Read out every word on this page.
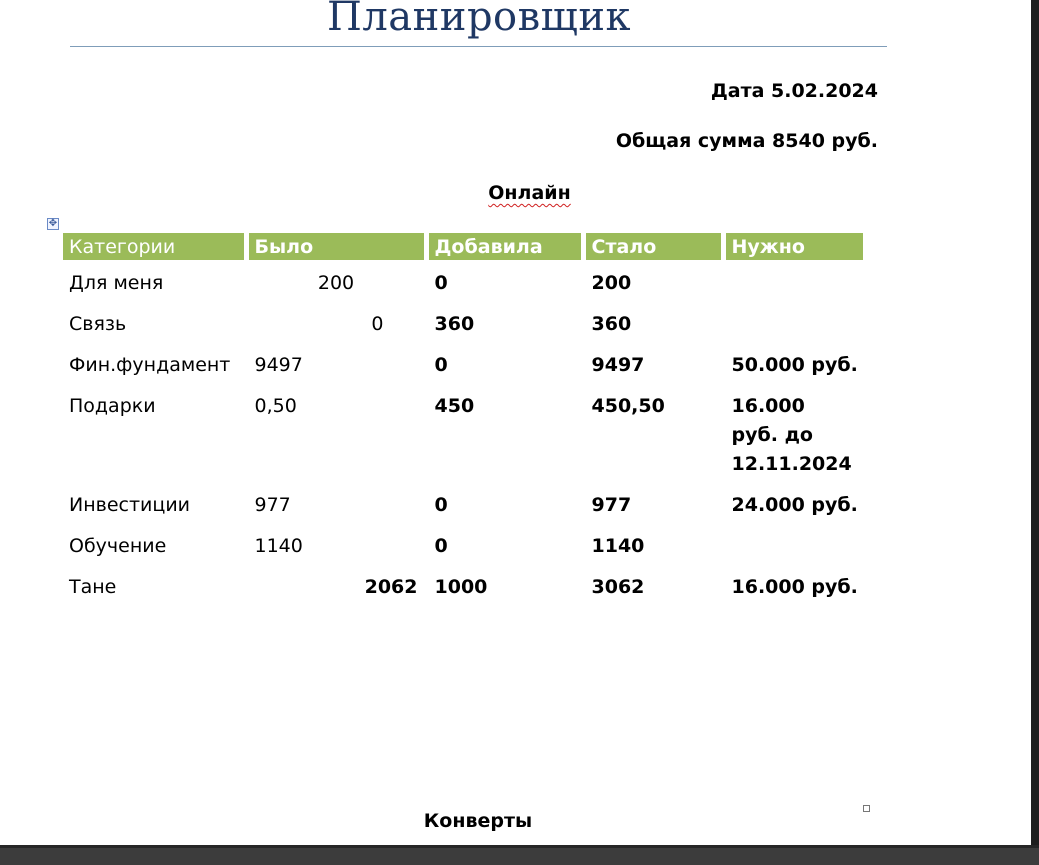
Планировщик
Дата 5.02.2024
Общая сумма 8540 руб.
Онлайн
✥
Категории	Было	Добавила	Стало	Нужно
Для меня	200	0	200	
Связь	0	360	360	
Фин.фундамент	9497	0	9497	50.000 руб.
Подарки	0,50	450	450,50	16.000 руб. до 12.11.2024
Инвестиции	977	0	977	24.000 руб.
Обучение	1140	0	1140	
Тане	2062	1000	3062	16.000 руб.

Конверты
